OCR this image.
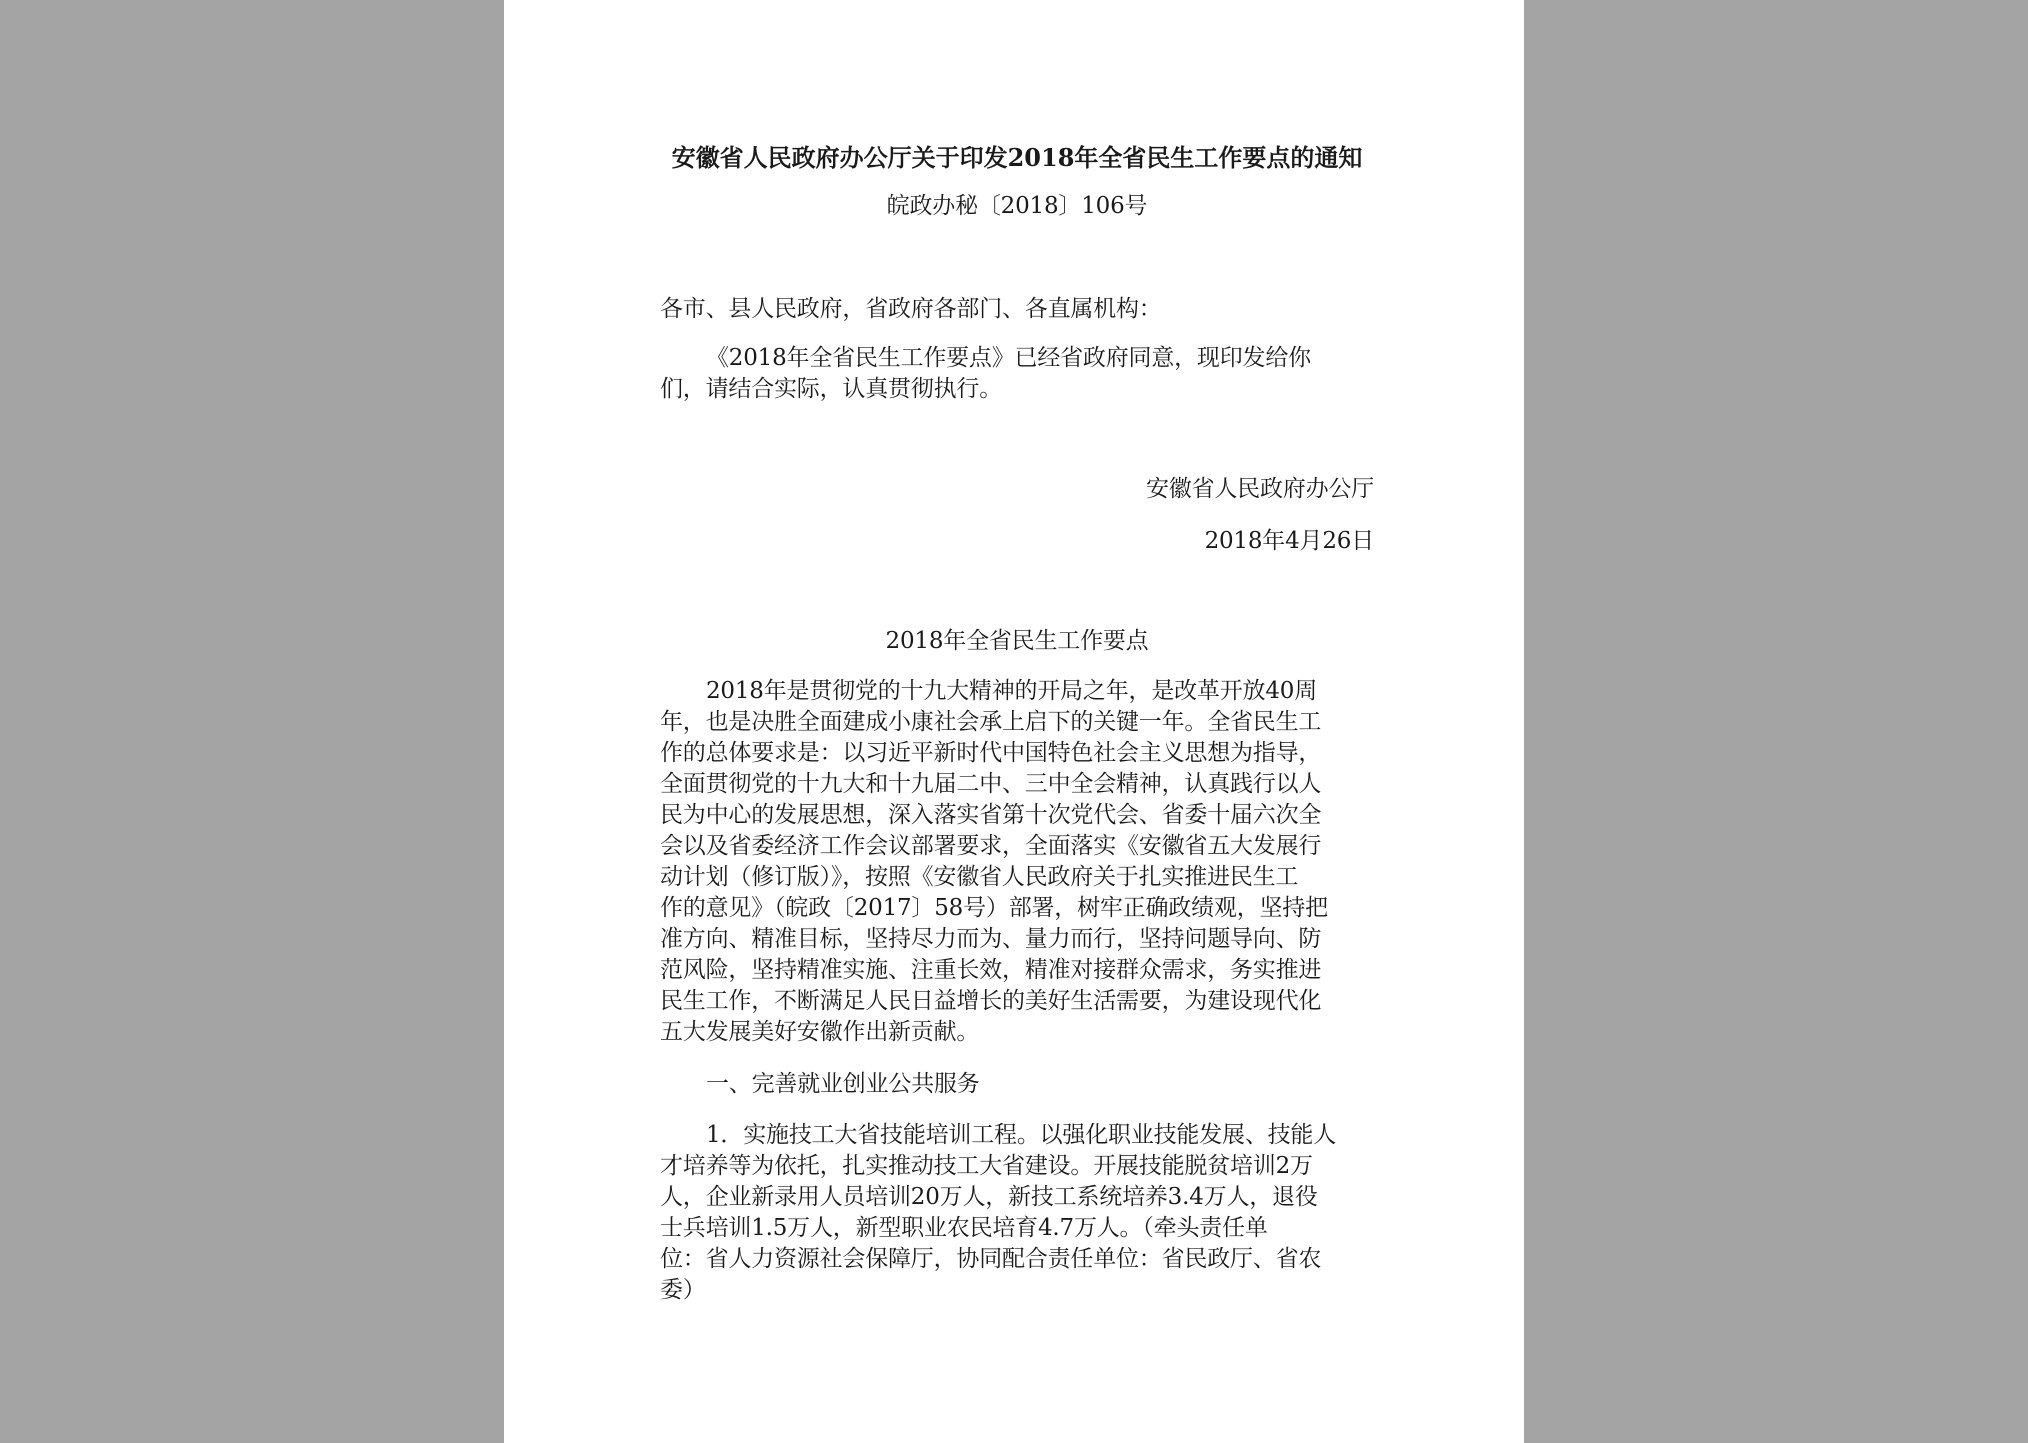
安徽省人民政府办公厅关于印发2018年全省民生工作要点的通知
皖政办秘〔2018〕106号
各市、县人民政府，省政府各部门、各直属机构：
《2018年全省民生工作要点》已经省政府同意，现印发给你
们，请结合实际，认真贯彻执行。
安徽省人民政府办公厅
2018年4月26日
2018年全省民生工作要点
2018年是贯彻党的十九大精神的开局之年，是改革开放40周
年，也是决胜全面建成小康社会承上启下的关键一年。全省民生工
作的总体要求是：以习近平新时代中国特色社会主义思想为指导，
全面贯彻党的十九大和十九届二中、三中全会精神，认真践行以人
民为中心的发展思想，深入落实省第十次党代会、省委十届六次全
会以及省委经济工作会议部署要求，全面落实《安徽省五大发展行
动计划（修订版）》，按照《安徽省人民政府关于扎实推进民生工
作的意见》（皖政〔2017〕58号）部署，树牢正确政绩观，坚持把
准方向、精准目标，坚持尽力而为、量力而行，坚持问题导向、防
范风险，坚持精准实施、注重长效，精准对接群众需求，务实推进
民生工作，不断满足人民日益增长的美好生活需要，为建设现代化
五大发展美好安徽作出新贡献。
一、完善就业创业公共服务
1．实施技工大省技能培训工程。以强化职业技能发展、技能人
才培养等为依托，扎实推动技工大省建设。开展技能脱贫培训2万
人，企业新录用人员培训20万人，新技工系统培养3.4万人，退役
士兵培训1.5万人，新型职业农民培育4.7万人。（牵头责任单
位：省人力资源社会保障厅，协同配合责任单位：省民政厅、省农
委）
